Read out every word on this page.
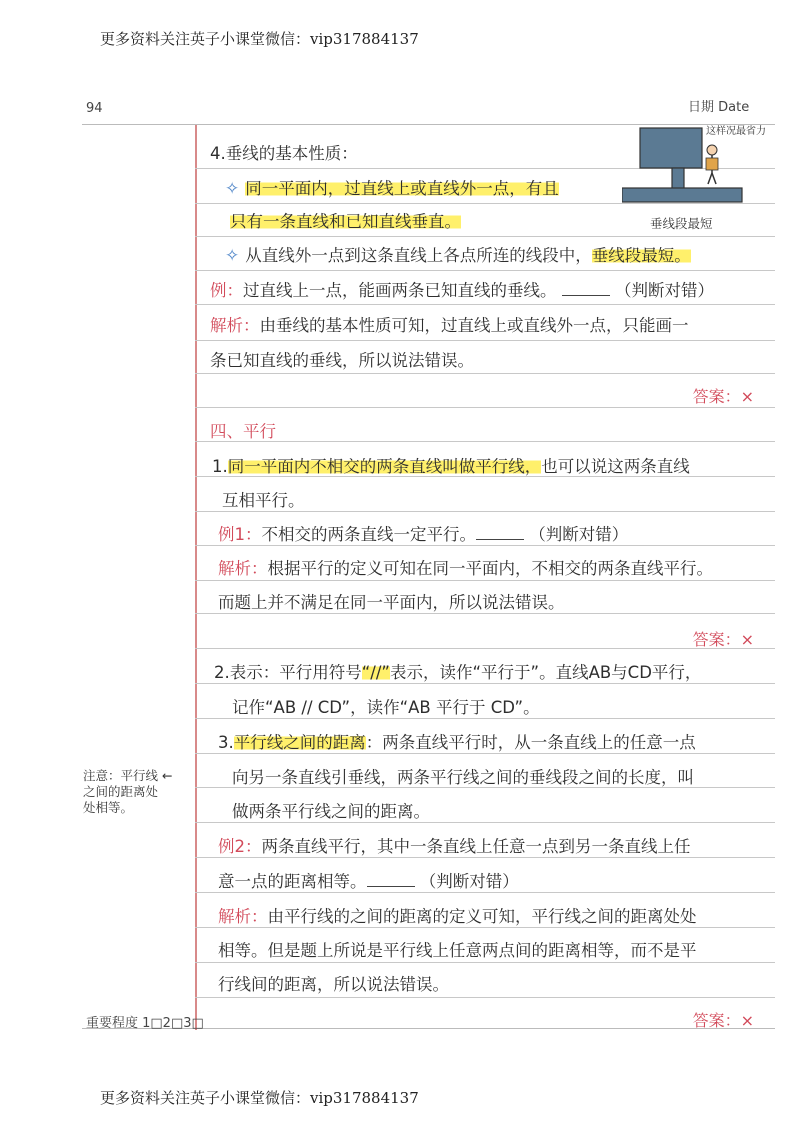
更多资料关注英子小课堂微信：vip317884137
更多资料关注英子小课堂微信：vip317884137
94	日期 Date
这样况最省力
垂线段最短
4.垂线的基本性质：
✧ 同一平面内，过直线上或直线外一点，有且
只有一条直线和已知直线垂直。
✧ 从直线外一点到这条直线上各点所连的线段中，垂线段最短。
例：过直线上一点，能画两条已知直线的垂线。	（判断对错）
解析：由垂线的基本性质可知，过直线上或直线外一点，只能画一
条已知直线的垂线，所以说法错误。
答案：×
四、平行
1.同一平面内不相交的两条直线叫做平行线，也可以说这两条直线
互相平行。
例1：不相交的两条直线一定平行。	（判断对错）
解析：根据平行的定义可知在同一平面内，不相交的两条直线平行。
而题上并不满足在同一平面内，所以说法错误。
答案：×
2.表示：平行用符号“//”表示，读作“平行于”。直线AB与CD平行，
记作“AB // CD”，读作“AB 平行于 CD”。
3.平行线之间的距离：两条直线平行时，从一条直线上的任意一点
向另一条直线引垂线，两条平行线之间的垂线段之间的长度，叫
做两条平行线之间的距离。
例2：两条直线平行，其中一条直线上任意一点到另一条直线上任
意一点的距离相等。	（判断对错）
解析：由平行线的之间的距离的定义可知，平行线之间的距离处处
相等。但是题上所说是平行线上任意两点间的距离相等，而不是平
行线间的距离，所以说法错误。
答案：×
注意：平行线 ←
之间的距离处
处相等。
重要程度 1□2□3□
